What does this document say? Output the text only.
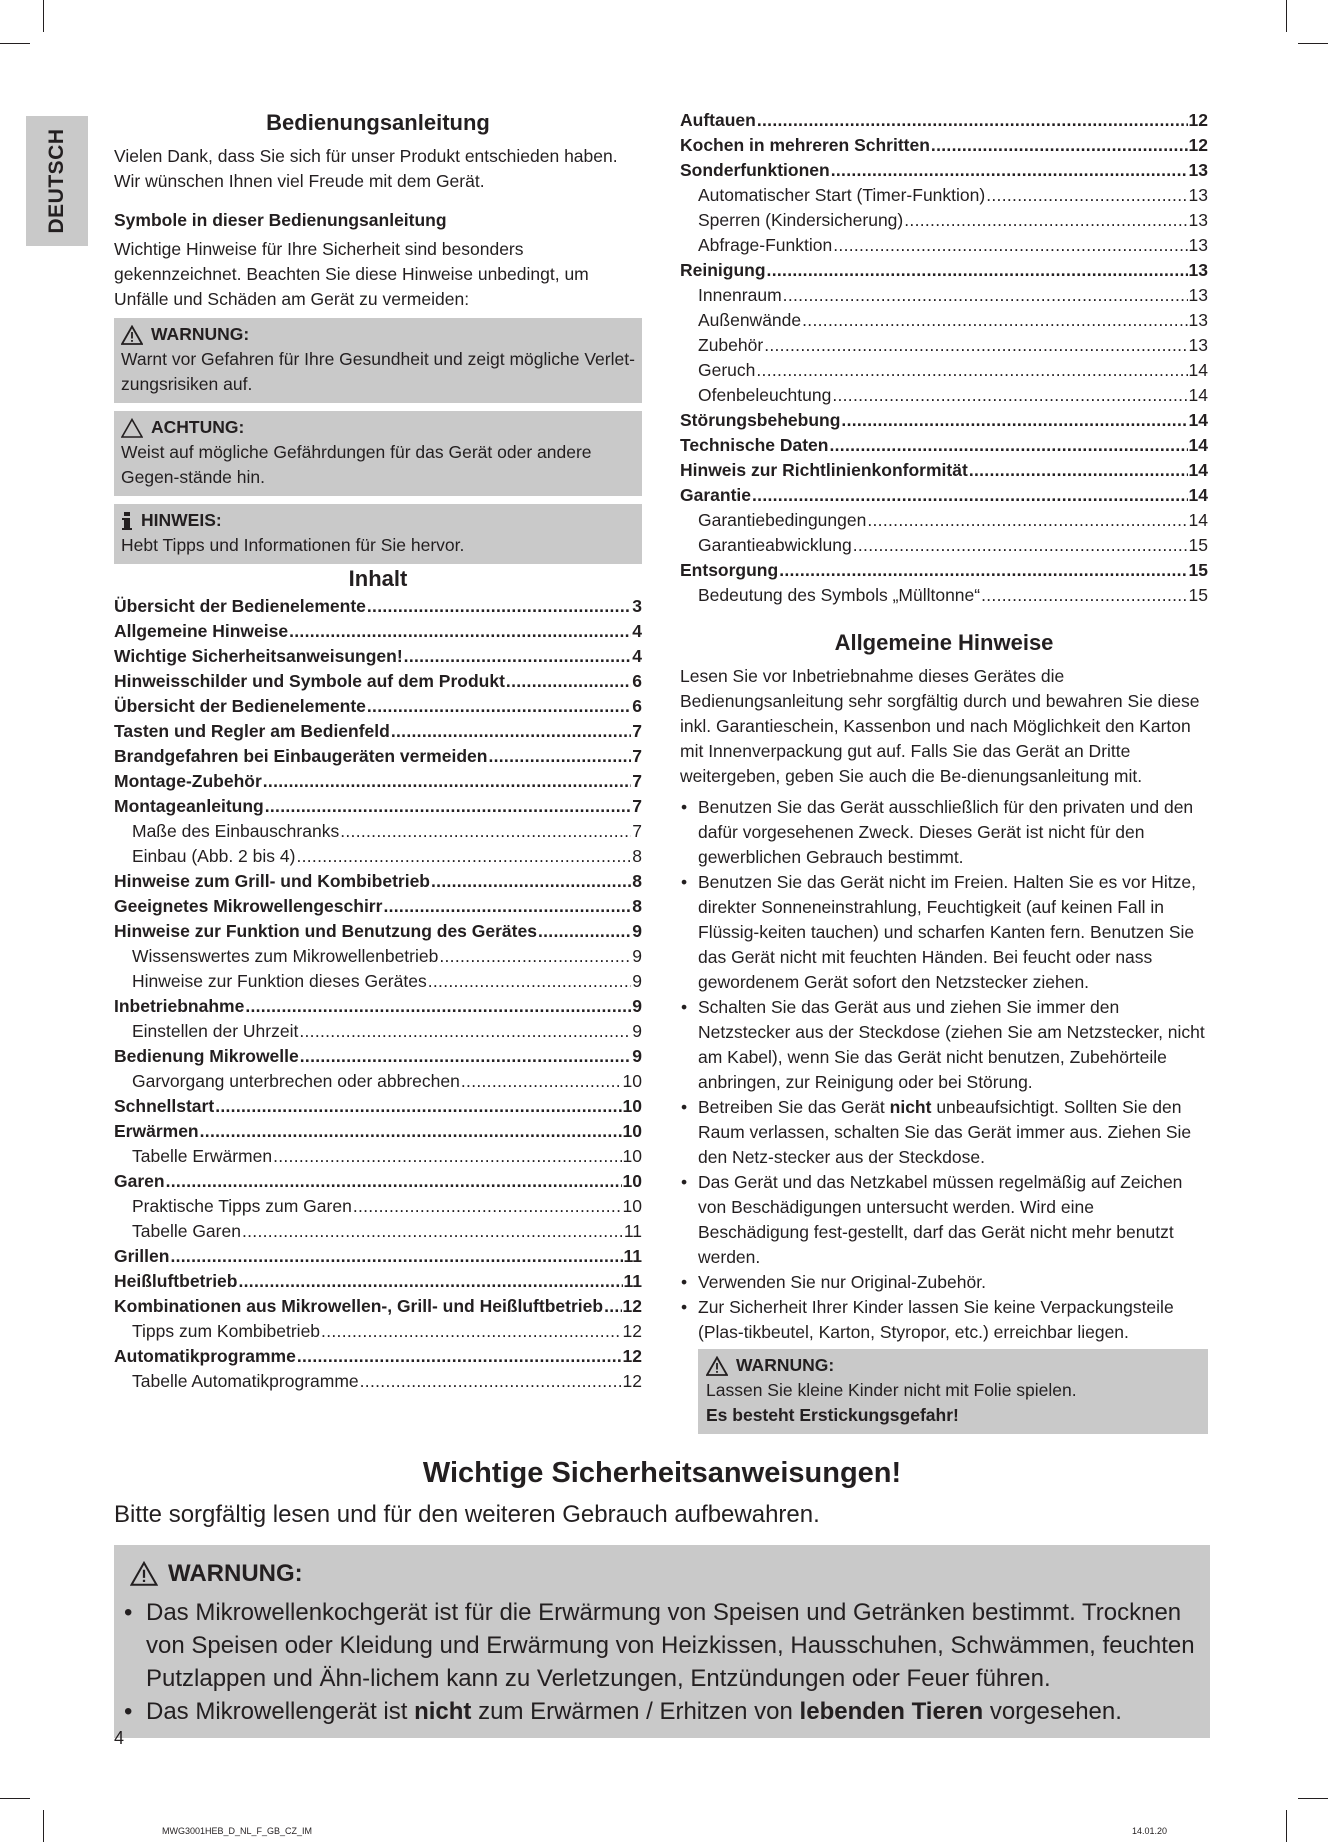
DEUTSCH
Bedienungsanleitung

Vielen Dank, dass Sie sich für unser Produkt entschieden haben. Wir wünschen Ihnen viel Freude mit dem Gerät.

Symbole in dieser Bedienungsanleitung

Wichtige Hinweise für Ihre Sicherheit sind besonders gekennzeichnet. Beachten Sie diese Hinweise unbedingt, um Unfälle und Schäden am Gerät zu vermeiden:

WARNUNG:

Warnt vor Gefahren für Ihre Gesundheit und zeigt mögliche Verlet-zungsrisiken auf.

ACHTUNG:

Weist auf mögliche Gefährdungen für das Gerät oder andere Gegen-stände hin.

HINWEIS:

Hebt Tipps und Informationen für Sie hervor.

Inhalt
Übersicht der Bedienelemente .....	3
Allgemeine Hinweise .....	4
Wichtige Sicherheitsanweisungen! .....	4
Hinweisschilder und Symbole auf dem Produkt .....	6
Übersicht der Bedienelemente .....	6
Tasten und Regler am Bedienfeld .....	7
Brandgefahren bei Einbaugeräten vermeiden .....	7
Montage-Zubehör .....	7
Montageanleitung .....	7
Maße des Einbauschranks .....	7
Einbau (Abb. 2 bis 4) .....	8
Hinweise zum Grill- und Kombibetrieb .....	8
Geeignetes Mikrowellengeschirr .....	8
Hinweise zur Funktion und Benutzung des Gerätes .....	9
Wissenswertes zum Mikrowellenbetrieb .....	9
Hinweise zur Funktion dieses Gerätes .....	9
Inbetriebnahme .....	9
Einstellen der Uhrzeit .....	9
Bedienung Mikrowelle .....	9
Garvorgang unterbrechen oder abbrechen .....	10
Schnellstart .....	10
Erwärmen .....	10
Tabelle Erwärmen .....	10
Garen .....	10
Praktische Tipps zum Garen .....	10
Tabelle Garen .....	11
Grillen .....	11
Heißluftbetrieb .....	11
Kombinationen aus Mikrowellen-, Grill- und Heißluftbetrieb ..... 12
Tipps zum Kombibetrieb .....	12
Automatikprogramme .....	12
Tabelle Automatikprogramme .....	12
Auftauen .....	12
Kochen in mehreren Schritten .....	12
Sonderfunktionen .....	13
Automatischer Start (Timer-Funktion) .....	13
Sperren (Kindersicherung) .....	13
Abfrage-Funktion .....	13
Reinigung .....	13
Innenraum .....	13
Außenwände .....	13
Zubehör .....	13
Geruch .....	14
Ofenbeleuchtung .....	14
Störungsbehebung .....	14
Technische Daten .....	14
Hinweis zur Richtlinienkonformität .....	14
Garantie .....	14
Garantiebedingungen .....	14
Garantieabwicklung .....	15
Entsorgung .....	15
Bedeutung des Symbols „Mülltonne“ .....	15
Allgemeine Hinweise

Lesen Sie vor Inbetriebnahme dieses Gerätes die Bedienungsanleitung sehr sorgfältig durch und bewahren Sie diese inkl. Garantieschein, Kassenbon und nach Möglichkeit den Karton mit Innenverpackung gut auf. Falls Sie das Gerät an Dritte weitergeben, geben Sie auch die Be-dienungsanleitung mit.

• Benutzen Sie das Gerät ausschließlich für den privaten und den dafür vorgesehenen Zweck. Dieses Gerät ist nicht für den gewerblichen Gebrauch bestimmt.
• Benutzen Sie das Gerät nicht im Freien. Halten Sie es vor Hitze, direkter Sonneneinstrahlung, Feuchtigkeit (auf keinen Fall in Flüssig-keiten tauchen) und scharfen Kanten fern. Benutzen Sie das Gerät nicht mit feuchten Händen. Bei feucht oder nass gewordenem Gerät sofort den Netzstecker ziehen.
• Schalten Sie das Gerät aus und ziehen Sie immer den Netzstecker aus der Steckdose (ziehen Sie am Netzstecker, nicht am Kabel), wenn Sie das Gerät nicht benutzen, Zubehörteile anbringen, zur Reinigung oder bei Störung.
• Betreiben Sie das Gerät nicht unbeaufsichtigt. Sollten Sie den Raum verlassen, schalten Sie das Gerät immer aus. Ziehen Sie den Netz-stecker aus der Steckdose.
• Das Gerät und das Netzkabel müssen regelmäßig auf Zeichen von Beschädigungen untersucht werden. Wird eine Beschädigung fest-gestellt, darf das Gerät nicht mehr benutzt werden.
• Verwenden Sie nur Original-Zubehör.
• Zur Sicherheit Ihrer Kinder lassen Sie keine Verpackungsteile (Plas-tikbeutel, Karton, Styropor, etc.) erreichbar liegen.
WARNUNG:

Lassen Sie kleine Kinder nicht mit Folie spielen.

Es besteht Erstickungsgefahr!

Wichtige Sicherheitsanweisungen!

Bitte sorgfältig lesen und für den weiteren Gebrauch aufbewahren.

WARNUNG:
• Das Mikrowellenkochgerät ist für die Erwärmung von Speisen und Getränken bestimmt. Trocknen von Speisen oder Kleidung und Erwärmung von Heizkissen, Hausschuhen, Schwämmen, feuchten Putzlappen und Ähn-lichem kann zu Verletzungen, Entzündungen oder Feuer führen.
• Das Mikrowellengerät ist nicht zum Erwärmen / Erhitzen von lebenden Tieren vorgesehen.
4
MWG3001HEB_D_NL_F_GB_CZ_IM	14.01.20
